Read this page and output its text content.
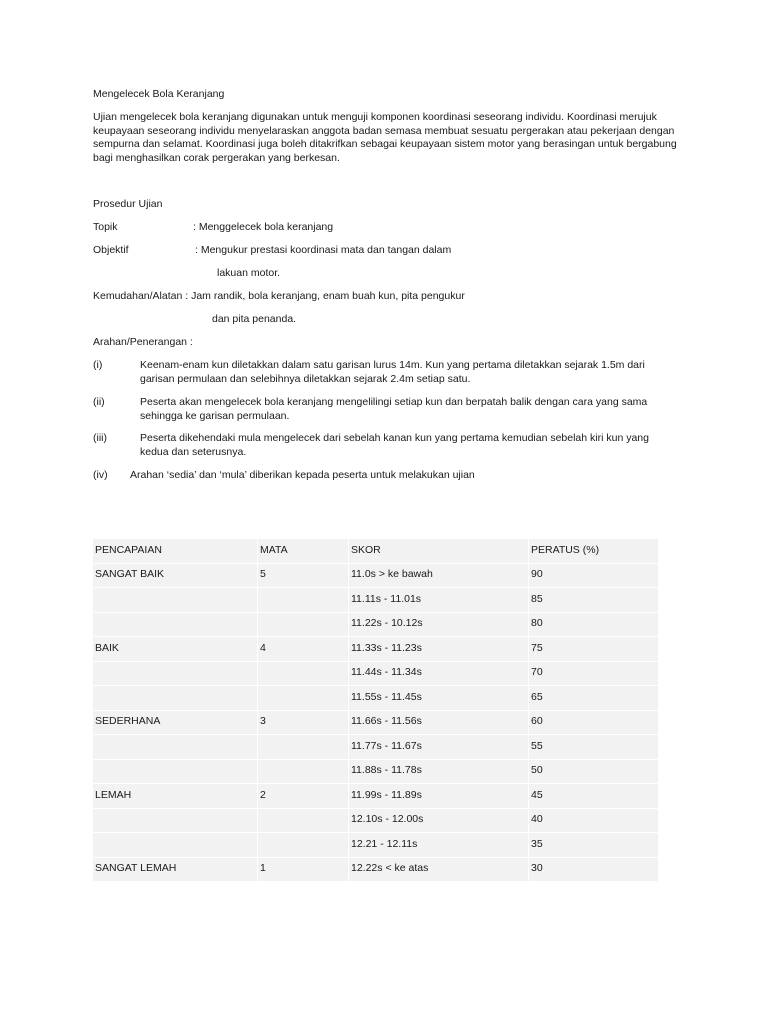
Mengelecek Bola Keranjang
Ujian mengelecek bola keranjang digunakan untuk menguji komponen koordinasi seseorang individu. Koordinasi merujuk keupayaan seseorang individu menyelaraskan anggota badan semasa membuat sesuatu pergerakan atau pekerjaan dengan sempurna dan selamat. Koordinasi juga boleh ditakrifkan sebagai keupayaan sistem motor yang berasingan untuk bergabung bagi menghasilkan corak pergerakan yang berkesan.
Prosedur Ujian
Topik	: Menggelecek bola keranjang
Objektif	: Mengukur prestasi koordinasi mata dan tangan dalam
lakuan motor.
Kemudahan/Alatan : Jam randik, bola keranjang, enam buah kun, pita pengukur
dan pita penanda.
Arahan/Penerangan :
(i)	Keenam-enam kun diletakkan dalam satu garisan lurus 14m. Kun yang pertama diletakkan sejarak 1.5m dari garisan permulaan dan selebihnya diletakkan sejarak 2.4m setiap satu.
(ii)	Peserta akan mengelecek bola keranjang mengelilingi setiap kun dan berpatah balik dengan cara yang sama sehingga ke garisan permulaan.
(iii)	Peserta dikehendaki mula mengelecek dari sebelah kanan kun yang pertama kemudian sebelah kiri kun yang kedua dan seterusnya.
(iv) Arahan ‘sedia’ dan ‘mula’ diberikan kepada peserta untuk melakukan ujian
PENCAPAIAN	MATA	SKOR	PERATUS (%)
SANGAT BAIK	5	11.0s > ke bawah	90
		11.11s - 11.01s	85
		11.22s - 10.12s	80
BAIK	4	11.33s - 11.23s	75
		11.44s - 11.34s	70
		11.55s - 11.45s	65
SEDERHANA	3	11.66s - 11.56s	60
		11.77s - 11.67s	55
		11.88s - 11.78s	50
LEMAH	2	11.99s - 11.89s	45
		12.10s - 12.00s	40
		12.21 - 12.11s	35
SANGAT LEMAH	1	12.22s < ke atas	30
